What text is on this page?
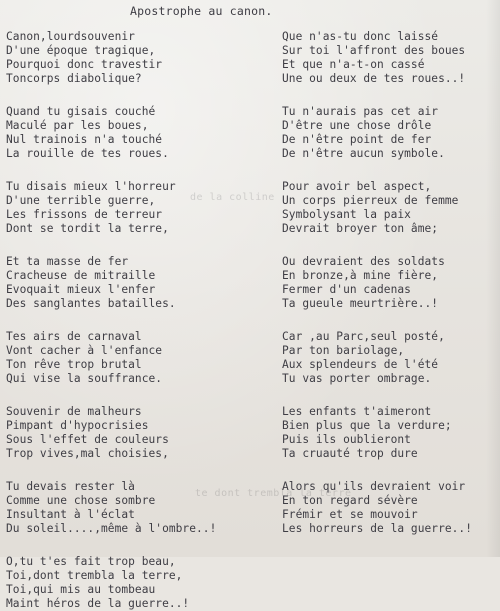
Apostrophe au canon.
de la colline
te dont trembla la terre
Canon,lourdsouvenir
D'une époque tragique,
Pourquoi donc travestir
Toncorps diabolique?
Quand tu gisais couché
Maculé par les boues,
Nul trainois n'a touché
La rouille de tes roues.
Tu disais mieux l'horreur
D'une terrible guerre,
Les frissons de terreur
Dont se tordit la terre,
Et ta masse de fer
Cracheuse de mitraille
Evoquait mieux l'enfer
Des sanglantes batailles.
Tes airs de carnaval
Vont cacher à l'enfance
Ton rêve trop brutal
Qui vise la souffrance.
Souvenir de malheurs
Pimpant d'hypocrisies
Sous l'effet de couleurs
Trop vives,mal choisies,
Tu devais rester là
Comme une chose sombre
Insultant à l'éclat
Du soleil....,même à l'ombre..!
O,tu t'es fait trop beau,
Toi,dont trembla la terre,
Toi,qui mis au tombeau
Maint héros de la guerre..!
Que n'as-tu donc laissé
Sur toi l'affront des boues
Et que n'a-t-on cassé
Une ou deux de tes roues..!
Tu n'aurais pas cet air
D'être une chose drôle
De n'être point de fer
De n'être aucun symbole.
Pour avoir bel aspect,
Un corps pierreux de femme
Symbolysant la paix
Devrait broyer ton âme;
Ou devraient des soldats
En bronze,à mine fière,
Fermer d'un cadenas
Ta gueule meurtrière..!
Car ,au Parc,seul posté,
Par ton bariolage,
Aux splendeurs de l'été
Tu vas porter ombrage.
Les enfants t'aimeront
Bien plus que la verdure;
Puis ils oublieront
Ta cruauté trop dure
Alors qu'ils devraient voir
En ton regard sévère
Frémir et se mouvoir
Les horreurs de la guerre..!
